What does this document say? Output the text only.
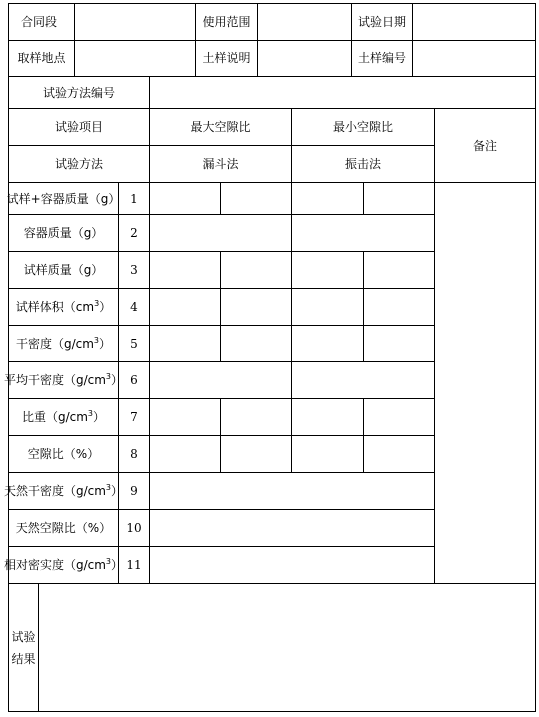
合同段	使用范围	试验日期
取样地点	土样说明	土样编号
试验方法编号
试验项目	最大空隙比	最小空隙比
备注
试验方法	漏斗法	振击法
试样+容器质量（g） 1
容器质量（g） 2
试样质量（g） 3
试样体积$(cm^3)$ 4
干密度$(g/cm^3)$ 5
平均干密度$(g/cm^3)$ 6
比重$(g/cm^3)$ 7
空隙比（%）	8
天然干密度$(g/cm^3)$ 9
天然空隙比（%） 10
相对密实度$(g/cm^3)$ 11
试验
结果
